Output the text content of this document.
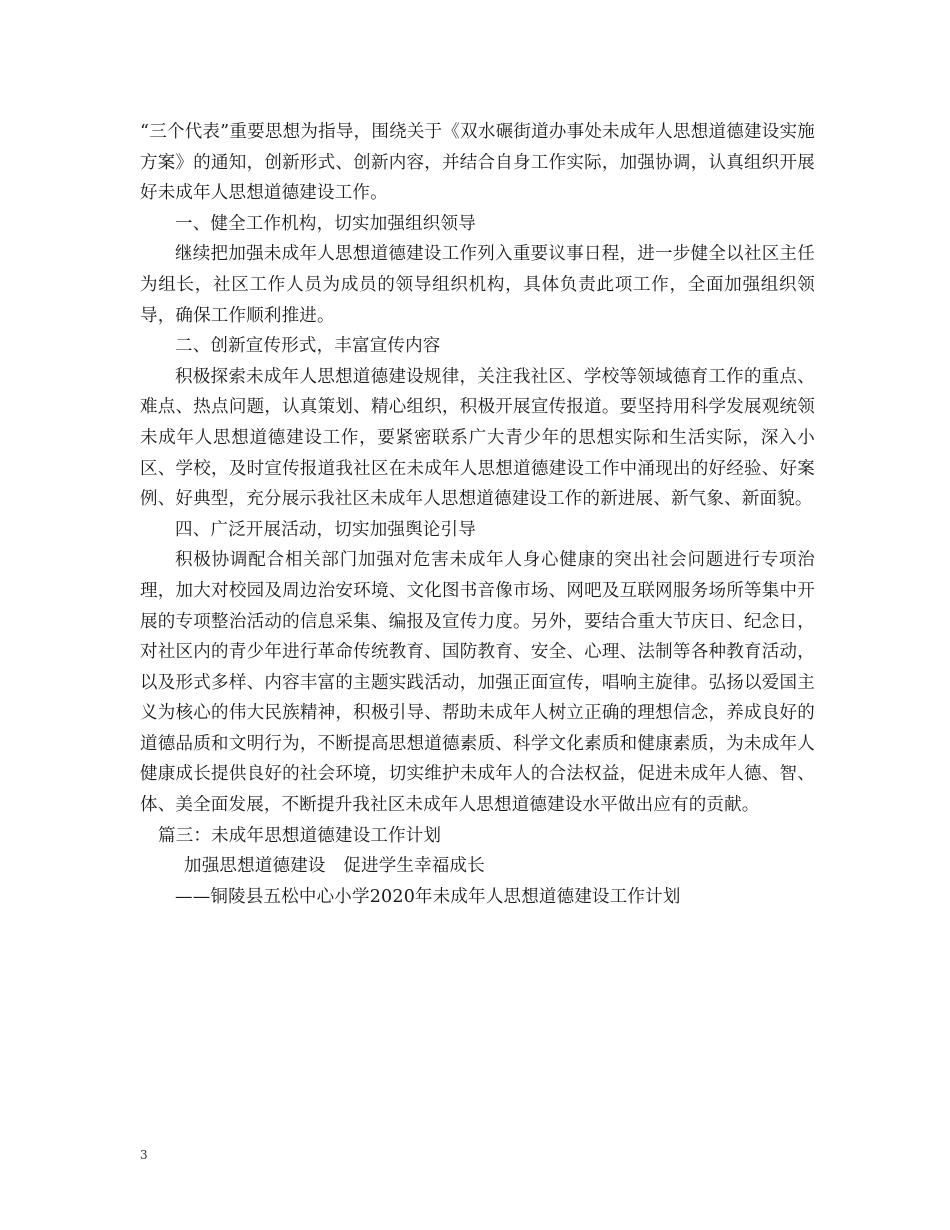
“三个代表”重要思想为指导，围绕关于《双水碾街道办事处未成年人思想道德建设实施方案》的通知，创新形式、创新内容，并结合自身工作实际，加强协调，认真组织开展好未成年人思想道德建设工作。

一、健全工作机构，切实加强组织领导

继续把加强未成年人思想道德建设工作列入重要议事日程，进一步健全以社区主任为组长，社区工作人员为成员的领导组织机构，具体负责此项工作，全面加强组织领导，确保工作顺利推进。

二、创新宣传形式，丰富宣传内容

积极探索未成年人思想道德建设规律，关注我社区、学校等领域德育工作的重点、难点、热点问题，认真策划、精心组织，积极开展宣传报道。要坚持用科学发展观统领未成年人思想道德建设工作，要紧密联系广大青少年的思想实际和生活实际，深入小区、学校，及时宣传报道我社区在未成年人思想道德建设工作中涌现出的好经验、好案例、好典型，充分展示我社区未成年人思想道德建设工作的新进展、新气象、新面貌。

四、广泛开展活动，切实加强舆论引导

积极协调配合相关部门加强对危害未成年人身心健康的突出社会问题进行专项治理，加大对校园及周边治安环境、文化图书音像市场、网吧及互联网服务场所等集中开展的专项整治活动的信息采集、编报及宣传力度。另外，要结合重大节庆日、纪念日，对社区内的青少年进行革命传统教育、国防教育、安全、心理、法制等各种教育活动，以及形式多样、内容丰富的主题实践活动，加强正面宣传，唱响主旋律。弘扬以爱国主义为核心的伟大民族精神，积极引导、帮助未成年人树立正确的理想信念，养成良好的道德品质和文明行为，不断提高思想道德素质、科学文化素质和健康素质，为未成年人健康成长提供良好的社会环境，切实维护未成年人的合法权益，促进未成年人德、智、体、美全面发展，不断提升我社区未成年人思想道德建设水平做出应有的贡献。

篇三：未成年思想道德建设工作计划

加强思想道德建设　促进学生幸福成长

——铜陵县五松中心小学2020年未成年人思想道德建设工作计划

3
